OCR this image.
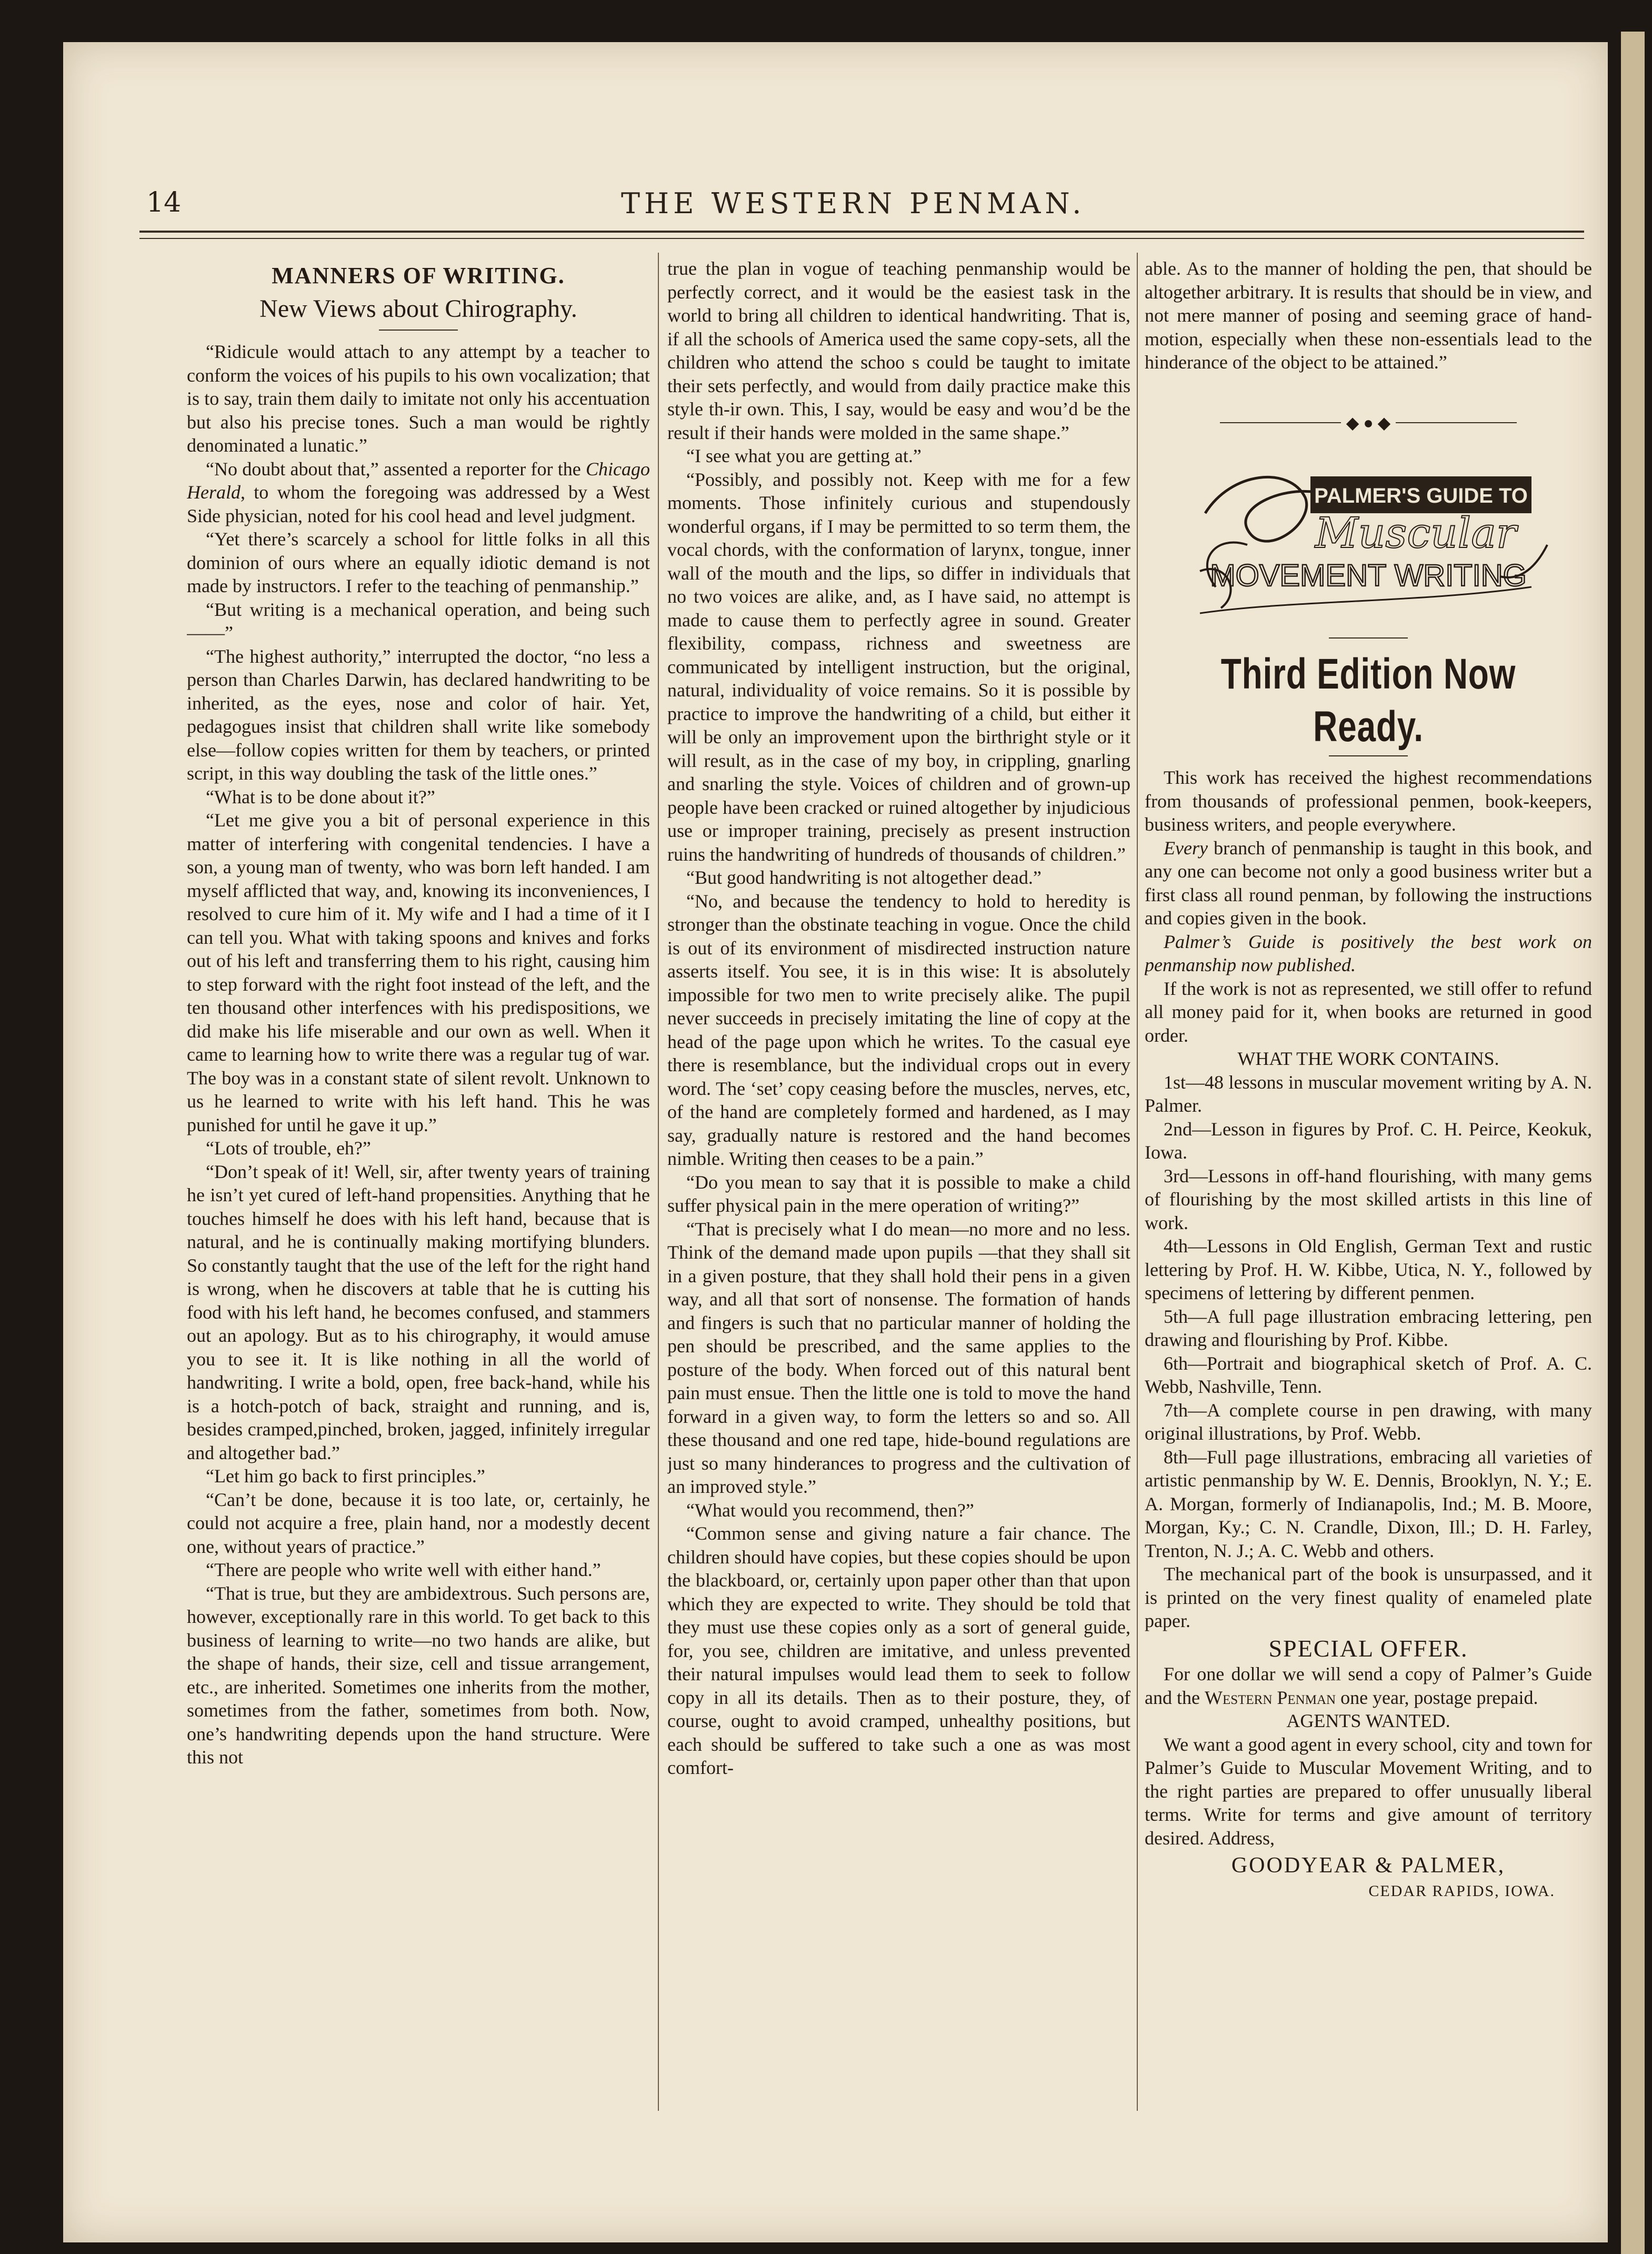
14	THE WESTERN PENMAN.
MANNERS OF WRITING.
New Views about Chirography.

“Ridicule would attach to any attempt by a teacher to conform the voices of his pupils to his own vocalization; that is to say, train them daily to imitate not only his accentuation but also his precise tones. Such a man would be rightly denominated a lunatic.”

“No doubt about that,” assented a reporter for the Chicago Herald, to whom the foregoing was addressed by a West Side physician, noted for his cool head and level judgment.

“Yet there’s scarcely a school for little folks in all this dominion of ours where an equally idiotic demand is not made by instructors. I refer to the teaching of penmanship.”

“But writing is a mechanical operation, and being such——”

“The highest authority,” interrupted the doctor, “no less a person than Charles Darwin, has declared handwriting to be inherited, as the eyes, nose and color of hair. Yet, pedagogues insist that children shall write like somebody else—follow copies written for them by teachers, or printed script, in this way doubling the task of the little ones.”

“What is to be done about it?”

“Let me give you a bit of personal experience in this matter of interfering with congenital tendencies. I have a son, a young man of twenty, who was born left handed. I am myself afflicted that way, and, knowing its inconveniences, I resolved to cure him of it. My wife and I had a time of it I can tell you. What with taking spoons and knives and forks out of his left and transferring them to his right, causing him to step forward with the right foot instead of the left, and the ten thousand other interfences with his predispositions, we did make his life miserable and our own as well. When it came to learning how to write there was a regular tug of war. The boy was in a constant state of silent revolt. Unknown to us he learned to write with his left hand. This he was punished for until he gave it up.”

“Lots of trouble, eh?”

“Don’t speak of it! Well, sir, after twenty years of training he isn’t yet cured of left-hand propensities. Anything that he touches himself he does with his left hand, because that is natural, and he is continually making mortifying blunders. So constantly taught that the use of the left for the right hand is wrong, when he discovers at table that he is cutting his food with his left hand, he becomes confused, and stammers out an apology. But as to his chirography, it would amuse you to see it. It is like nothing in all the world of handwriting. I write a bold, open, free back-hand, while his is a hotch-potch of back, straight and running, and is, besides cramped,pinched, broken, jagged, infinitely irregular and altogether bad.”

“Let him go back to first principles.”

“Can’t be done, because it is too late, or, certainly, he could not acquire a free, plain hand, nor a modestly decent one, without years of practice.”

“There are people who write well with either hand.”

“That is true, but they are ambidextrous. Such persons are, however, exceptionally rare in this world. To get back to this business of learning to write—no two hands are alike, but the shape of hands, their size, cell and tissue arrangement, etc., are inherited. Sometimes one inherits from the mother, sometimes from the father, sometimes from both. Now, one’s handwriting depends upon the hand structure. Were this not

true the plan in vogue of teaching penmanship would be perfectly correct, and it would be the easiest task in the world to bring all children to identical handwriting. That is, if all the schools of America used the same copy-sets, all the children who attend the schoo s could be taught to imitate their sets perfectly, and would from daily practice make this style th-ir own. This, I say, would be easy and wou’d be the result if their hands were molded in the same shape.”

“I see what you are getting at.”

“Possibly, and possibly not. Keep with me for a few moments. Those infinitely curious and stupendously wonderful organs, if I may be permitted to so term them, the vocal chords, with the conformation of larynx, tongue, inner wall of the mouth and the lips, so differ in individuals that no two voices are alike, and, as I have said, no attempt is made to cause them to perfectly agree in sound. Greater flexibility, compass, richness and sweetness are communicated by intelligent instruction, but the original, natural, individuality of voice remains. So it is possible by practice to improve the handwriting of a child, but either it will be only an improvement upon the birthright style or it will result, as in the case of my boy, in crippling, gnarling and snarling the style. Voices of children and of grown-up people have been cracked or ruined altogether by injudicious use or improper training, precisely as present instruction ruins the handwriting of hundreds of thousands of children.”

“But good handwriting is not altogether dead.”

“No, and because the tendency to hold to heredity is stronger than the obstinate teaching in vogue. Once the child is out of its environment of misdirected instruction nature asserts itself. You see, it is in this wise: It is absolutely impossible for two men to write precisely alike. The pupil never succeeds in precisely imitating the line of copy at the head of the page upon which he writes. To the casual eye there is resemblance, but the individual crops out in every word. The ‘set’ copy ceasing before the muscles, nerves, etc, of the hand are completely formed and hardened, as I may say, gradually nature is restored and the hand becomes nimble. Writing then ceases to be a pain.”

“Do you mean to say that it is possible to make a child suffer physical pain in the mere operation of writing?”

“That is precisely what I do mean—no more and no less. Think of the demand made upon pupils —that they shall sit in a given posture, that they shall hold their pens in a given way, and all that sort of nonsense. The formation of hands and fingers is such that no particular manner of holding the pen should be prescribed, and the same applies to the posture of the body. When forced out of this natural bent pain must ensue. Then the little one is told to move the hand forward in a given way, to form the letters so and so. All these thousand and one red tape, hide-bound regulations are just so many hinderances to progress and the cultivation of an improved style.”

“What would you recommend, then?”

“Common sense and giving nature a fair chance. The children should have copies, but these copies should be upon the blackboard, or, certainly upon paper other than that upon which they are expected to write. They should be told that they must use these copies only as a sort of general guide, for, you see, children are imitative, and unless prevented their natural impulses would lead them to seek to follow copy in all its details. Then as to their posture, they, of course, ought to avoid cramped, unhealthy positions, but each should be suffered to take such a one as was most comfort-

able. As to the manner of holding the pen, that should be altogether arbitrary. It is results that should be in view, and not mere manner of posing and seeming grace of hand-motion, especially when these non-essentials lead to the hinderance of the object to be attained.”

◆ ● ◆
PALMER'S GUIDE TO
Muscular
MOVEMENT WRITING
Third Edition Now Ready.

This work has received the highest recommendations from thousands of professional penmen, book-keepers, business writers, and people everywhere.

Every branch of penmanship is taught in this book, and any one can become not only a good business writer but a first class all round penman, by following the instructions and copies given in the book.

Palmer’s Guide is positively the best work on penmanship now published.

If the work is not as represented, we still offer to refund all money paid for it, when books are returned in good order.

WHAT THE WORK CONTAINS.

1st—48 lessons in muscular movement writing by A. N. Palmer.

2nd—Lesson in figures by Prof. C. H. Peirce, Keokuk, Iowa.

3rd—Lessons in off-hand flourishing, with many gems of flourishing by the most skilled artists in this line of work.

4th—Lessons in Old English, German Text and rustic lettering by Prof. H. W. Kibbe, Utica, N. Y., followed by specimens of lettering by different penmen.

5th—A full page illustration embracing lettering, pen drawing and flourishing by Prof. Kibbe.

6th—Portrait and biographical sketch of Prof. A. C. Webb, Nashville, Tenn.

7th—A complete course in pen drawing, with many original illustrations, by Prof. Webb.

8th—Full page illustrations, embracing all varieties of artistic penmanship by W. E. Dennis, Brooklyn, N. Y.; E. A. Morgan, formerly of Indianapolis, Ind.; M. B. Moore, Morgan, Ky.; C. N. Crandle, Dixon, Ill.; D. H. Farley, Trenton, N. J.; A. C. Webb and others.

The mechanical part of the book is unsurpassed, and it is printed on the very finest quality of enameled plate paper.

SPECIAL OFFER.

For one dollar we will send a copy of Palmer’s Guide and the Western Penman one year, postage prepaid.

AGENTS WANTED.

We want a good agent in every school, city and town for Palmer’s Guide to Muscular Movement Writing, and to the right parties are prepared to offer unusually liberal terms. Write for terms and give amount of territory desired. Address,

GOODYEAR & PALMER,
CEDAR RAPIDS, IOWA.
